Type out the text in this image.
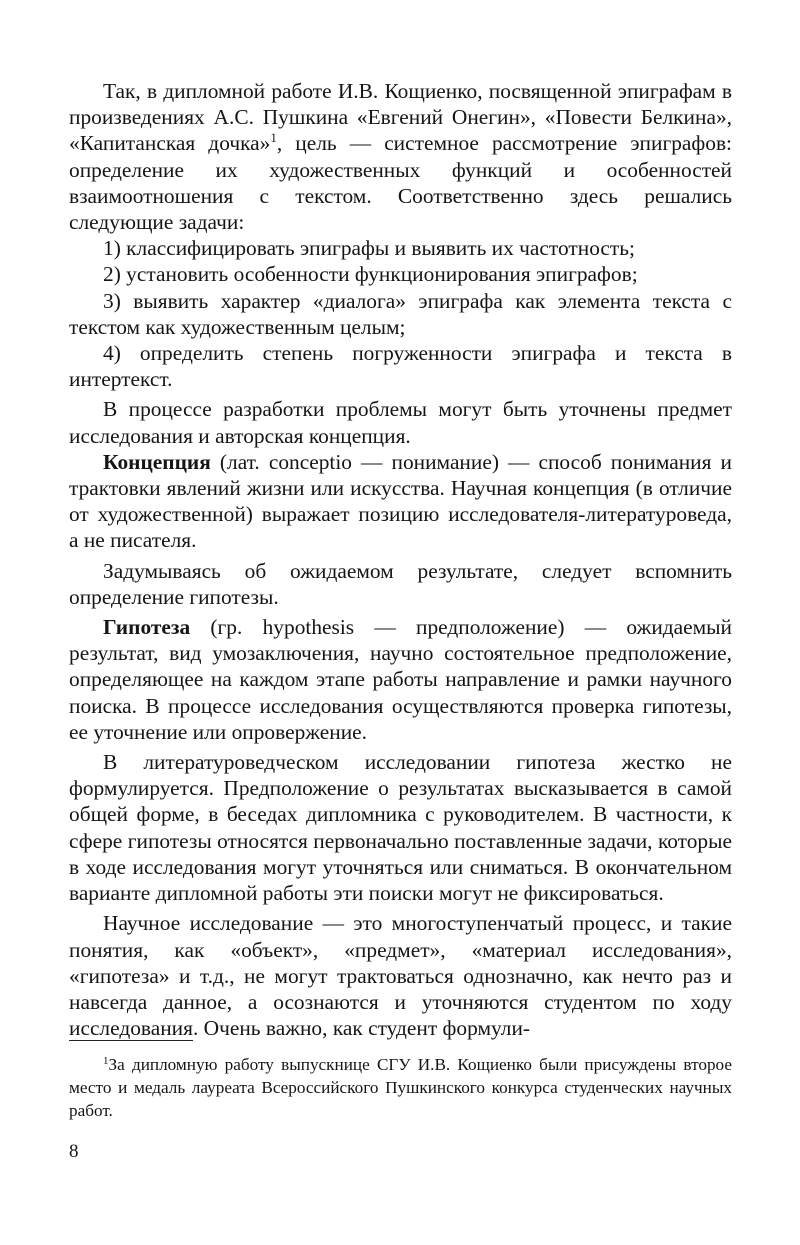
Так, в дипломной работе И.В. Кощиенко, посвященной эпиграфам в произведениях А.С. Пушкина «Евгений Онегин», «Повести Белкина», «Капитанская дочка»$^1$, цель — системное рассмотрение эпиграфов: определение их художественных функций и особенностей взаимоотношения с текстом. Соответственно здесь решались следующие задачи:

1) классифицировать эпиграфы и выявить их частотность;

2) установить особенности функционирования эпиграфов;

3) выявить характер «диалога» эпиграфа как элемента текста с текстом как художественным целым;

4) определить степень погруженности эпиграфа и текста в интертекст.

В процессе разработки проблемы могут быть уточнены предмет исследования и авторская концепция.

Концепция (лат. conceptio — понимание) — способ понимания и трактовки явлений жизни или искусства. Научная концепция (в отличие от художественной) выражает позицию исследователя-литературоведа, а не писателя.

Задумываясь об ожидаемом результате, следует вспомнить определение гипотезы.

Гипотеза (гр. hypothesis — предположение) — ожидаемый результат, вид умозаключения, научно состоятельное предположение, определяющее на каждом этапе работы направление и рамки научного поиска. В процессе исследования осуществляются проверка гипотезы, ее уточнение или опровержение.

В литературоведческом исследовании гипотеза жестко не формулируется. Предположение о результатах высказывается в самой общей форме, в беседах дипломника с руководителем. В частности, к сфере гипотезы относятся первоначально поставленные задачи, которые в ходе исследования могут уточняться или сниматься. В окончательном варианте дипломной работы эти поиски могут не фиксироваться.

Научное исследование — это многоступенчатый процесс, и такие понятия, как «объект», «предмет», «материал исследования», «гипотеза» и т.д., не могут трактоваться однозначно, как нечто раз и навсегда данное, а осознаются и уточняются студентом по ходу исследования. Очень важно, как студент формули-

$^1$За дипломную работу выпускнице СГУ И.В. Кощиенко были присуждены второе место и медаль лауреата Всероссийского Пушкинского конкурса студенческих научных работ.

8
